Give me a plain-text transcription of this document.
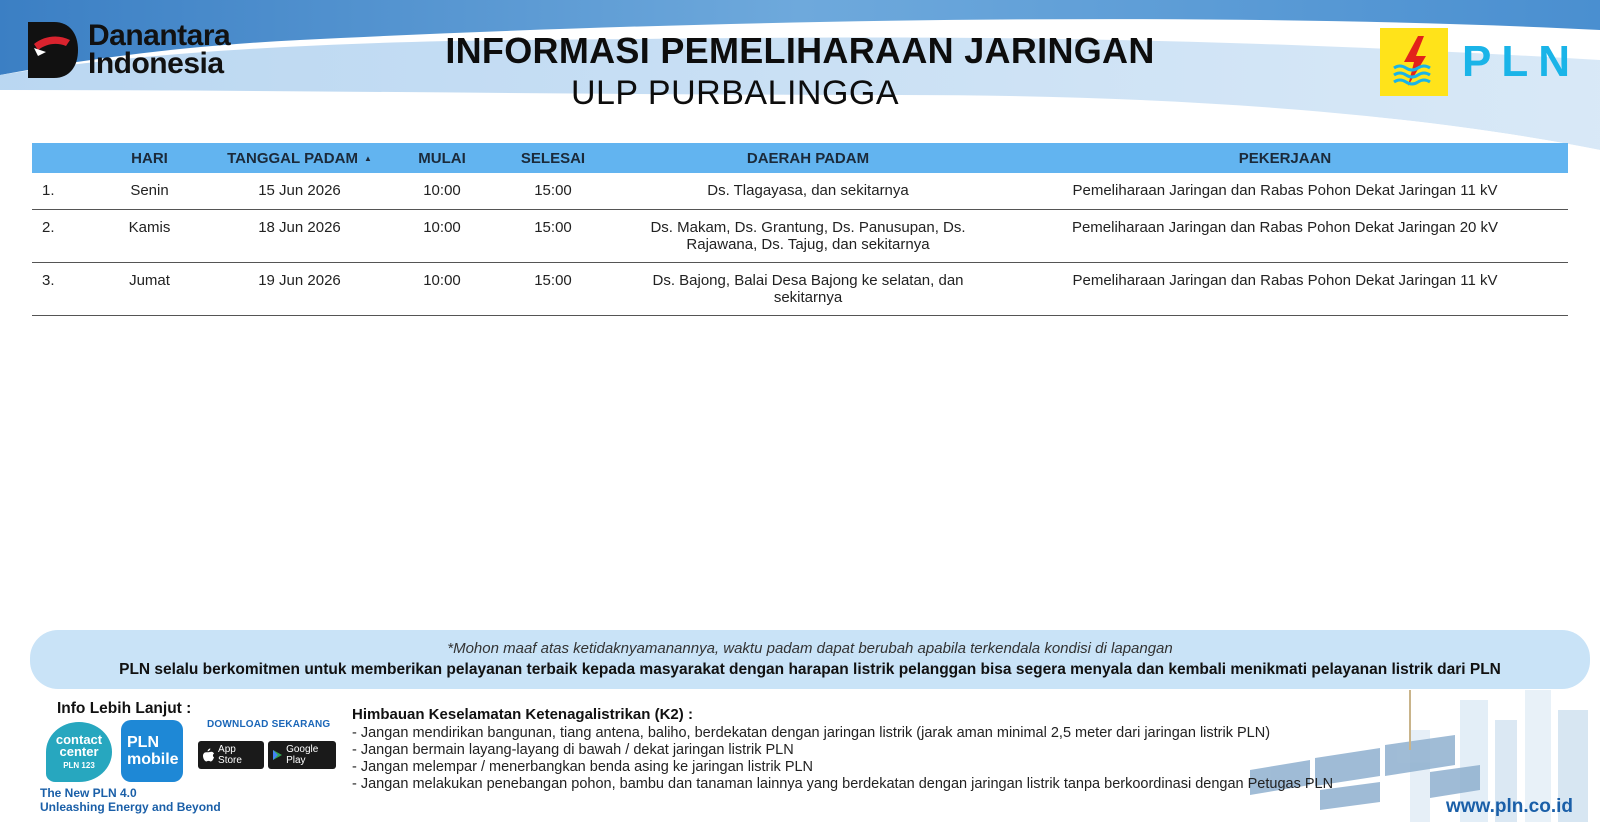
Danantara
Indonesia	INFORMASI PEMELIHARAAN JARINGAN
ULP PURBALINGGA
PLN
	HARI	TANGGAL PADAM ▲	MULAI	SELESAI	DAERAH PADAM	PEKERJAAN
1.	Senin	15 Jun 2026	10:00	15:00	Ds. Tlagayasa, dan sekitarnya	Pemeliharaan Jaringan dan Rabas Pohon Dekat Jaringan 11 kV
2.	Kamis	18 Jun 2026	10:00	15:00	Ds. Makam, Ds. Grantung, Ds. Panusupan, Ds.
Rajawana, Ds. Tajug, dan sekitarnya	Pemeliharaan Jaringan dan Rabas Pohon Dekat Jaringan 20 kV
3.	Jumat	19 Jun 2026	10:00	15:00	Ds. Bajong, Balai Desa Bajong ke selatan, dan
sekitarnya	Pemeliharaan Jaringan dan Rabas Pohon Dekat Jaringan 11 kV
*Mohon maaf atas ketidaknyamanannya, waktu padam dapat berubah apabila terkendala kondisi di lapangan
PLN selalu berkomitmen untuk memberikan pelayanan terbaik kepada masyarakat dengan harapan listrik pelanggan bisa segera menyala dan kembali menikmati pelayanan listrik dari PLN
Info Lebih Lanjut :
contact
center
PLN 123
PLN
mobile
DOWNLOAD SEKARANG
App Store
Google Play
The New PLN 4.0
Unleashing Energy and Beyond
Himbauan Keselamatan Ketenagalistrikan (K2) :
- Jangan mendirikan bangunan, tiang antena, baliho, berdekatan dengan jaringan listrik (jarak aman minimal 2,5 meter dari jaringan listrik PLN)
- Jangan bermain layang-layang di bawah / dekat jaringan listrik PLN
- Jangan melempar / menerbangkan benda asing ke jaringan listrik PLN
- Jangan melakukan penebangan pohon, bambu dan tanaman lainnya yang berdekatan dengan jaringan listrik tanpa berkoordinasi dengan Petugas PLN
www.pln.co.id
